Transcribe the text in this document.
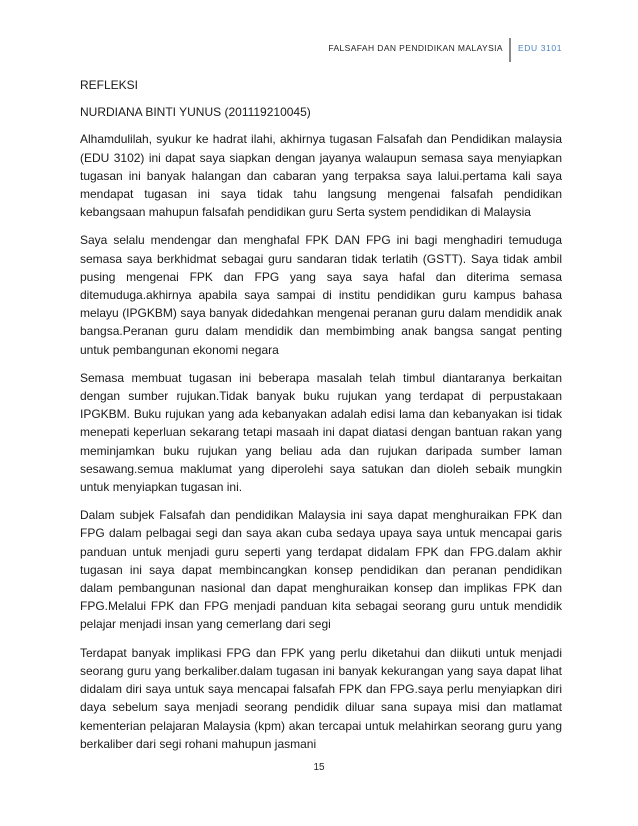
FALSAFAH DAN PENDIDIKAN MALAYSIA EDU 3101

REFLEKSI

NURDIANA BINTI YUNUS (201119210045)

Alhamdulilah, syukur ke hadrat ilahi, akhirnya tugasan Falsafah dan Pendidikan malaysia (EDU 3102) ini dapat saya siapkan dengan jayanya walaupun semasa saya menyiapkan tugasan ini banyak halangan dan cabaran yang terpaksa saya lalui.pertama kali saya mendapat tugasan ini saya tidak tahu langsung mengenai falsafah pendidikan kebangsaan mahupun falsafah pendidikan guru Serta system pendidikan di Malaysia

Saya selalu mendengar dan menghafal FPK DAN FPG ini bagi menghadiri temuduga semasa saya berkhidmat sebagai guru sandaran tidak terlatih (GSTT). Saya tidak ambil pusing mengenai FPK dan FPG yang saya saya hafal dan diterima semasa ditemuduga.akhirnya apabila saya sampai di institu pendidikan guru kampus bahasa melayu (IPGKBM) saya banyak didedahkan mengenai peranan guru dalam mendidik anak bangsa.Peranan guru dalam mendidik dan membimbing anak bangsa sangat penting untuk pembangunan ekonomi negara

Semasa membuat tugasan ini beberapa masalah telah timbul diantaranya berkaitan dengan sumber rujukan.Tidak banyak buku rujukan yang terdapat di perpustakaan IPGKBM. Buku rujukan yang ada kebanyakan adalah edisi lama dan kebanyakan isi tidak menepati keperluan sekarang tetapi masaah ini dapat diatasi dengan bantuan rakan yang meminjamkan buku rujukan yang beliau ada dan rujukan daripada sumber laman sesawang.semua maklumat yang diperolehi saya satukan dan dioleh sebaik mungkin untuk menyiapkan tugasan ini.

Dalam subjek Falsafah dan pendidikan Malaysia ini saya dapat menghuraikan FPK dan FPG dalam pelbagai segi dan saya akan cuba sedaya upaya saya untuk mencapai garis panduan untuk menjadi guru seperti yang terdapat didalam FPK dan FPG.dalam akhir tugasan ini saya dapat membincangkan konsep pendidikan dan peranan pendidikan dalam pembangunan nasional dan dapat menghuraikan konsep dan implikas FPK dan FPG.Melalui FPK dan FPG menjadi panduan kita sebagai seorang guru untuk mendidik pelajar menjadi insan yang cemerlang dari segi

Terdapat banyak implikasi FPG dan FPK yang perlu diketahui dan diikuti untuk menjadi seorang guru yang berkaliber.dalam tugasan ini banyak kekurangan yang saya dapat lihat didalam diri saya untuk saya mencapai falsafah FPK dan FPG.saya perlu menyiapkan diri daya sebelum saya menjadi seorang pendidik diluar sana supaya misi dan matlamat kementerian pelajaran Malaysia (kpm) akan tercapai untuk melahirkan seorang guru yang berkaliber dari segi rohani mahupun jasmani

15
